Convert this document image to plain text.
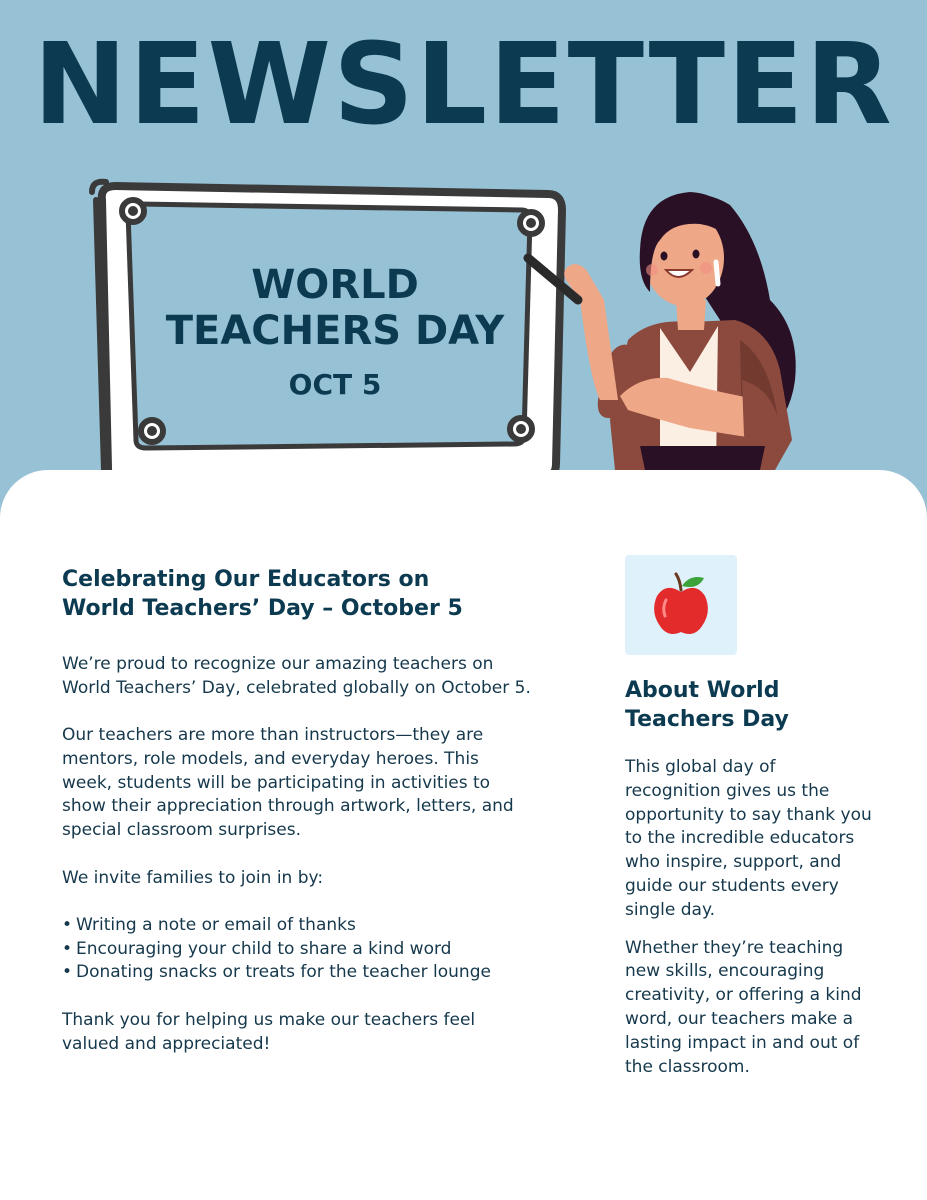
NEWSLETTER
WORLD
TEACHERS DAY
OCT 5
Celebrating Our Educators on
World Teachers’ Day – October 5

We’re proud to recognize our amazing teachers on World Teachers’ Day, celebrated globally on October 5.

Our teachers are more than instructors—they are mentors, role models, and everyday heroes. This week, students will be participating in activities to show their appreciation through artwork, letters, and special classroom surprises.

We invite families to join in by:

• Writing a note or email of thanks
• Encouraging your child to share a kind word
• Donating snacks or treats for the teacher lounge

Thank you for helping us make our teachers feel valued and appreciated!

About World
Teachers Day

This global day of recognition gives us the opportunity to say thank you to the incredible educators who inspire, support, and guide our students every single day.

Whether they’re teaching new skills, encouraging creativity, or offering a kind word, our teachers make a lasting impact in and out of the classroom.
